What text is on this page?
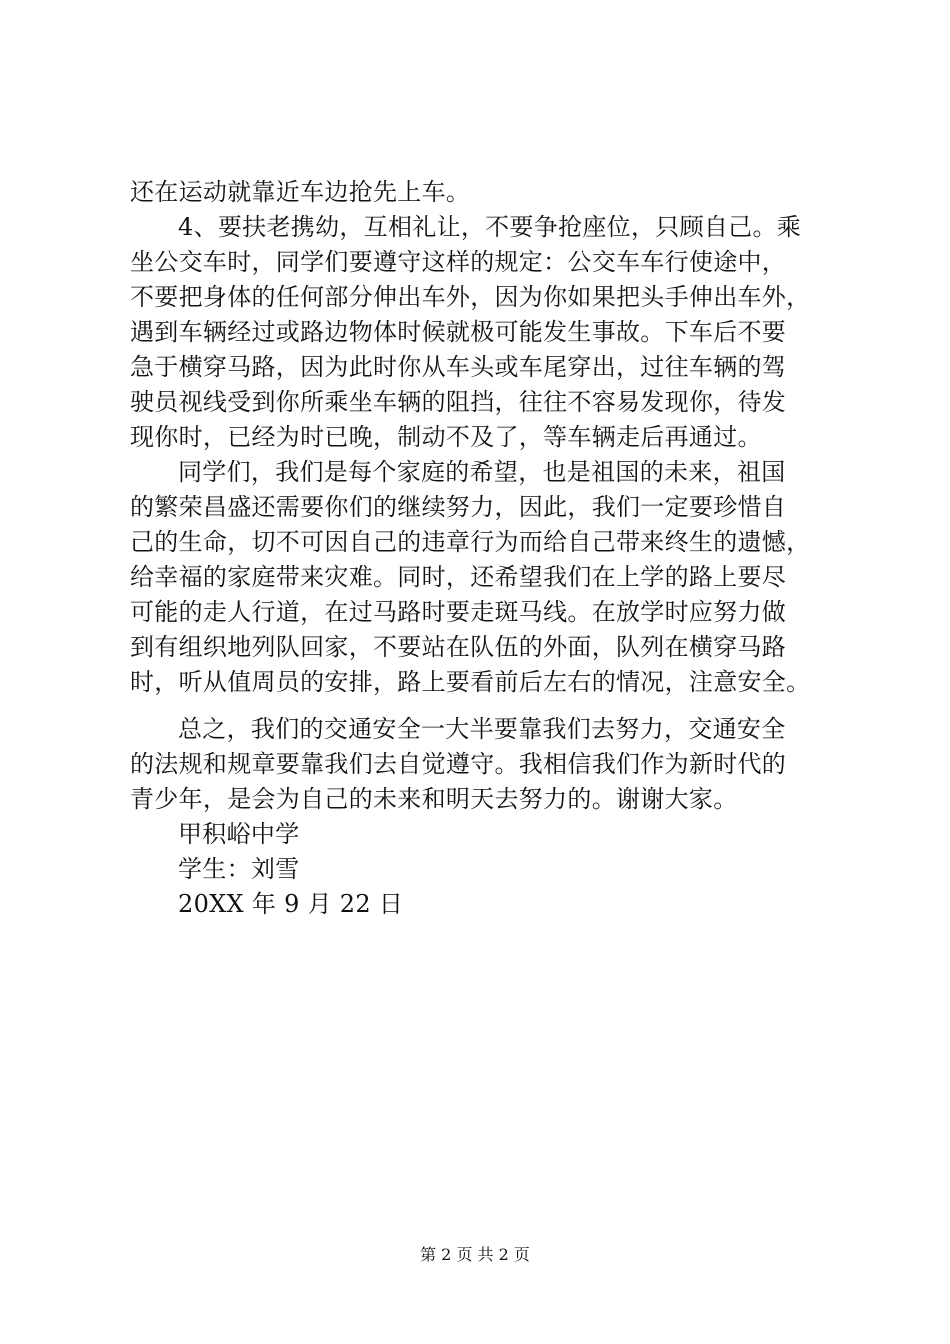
还在运动就靠近车边抢先上车。
4、要扶老携幼，互相礼让，不要争抢座位，只顾自己。乘
坐公交车时，同学们要遵守这样的规定：公交车车行使途中，
不要把身体的任何部分伸出车外，因为你如果把头手伸出车外，
遇到车辆经过或路边物体时候就极可能发生事故。下车后不要
急于横穿马路，因为此时你从车头或车尾穿出，过往车辆的驾
驶员视线受到你所乘坐车辆的阻挡，往往不容易发现你，待发
现你时，已经为时已晚，制动不及了，等车辆走后再通过。
同学们，我们是每个家庭的希望，也是祖国的未来，祖国
的繁荣昌盛还需要你们的继续努力，因此，我们一定要珍惜自
己的生命，切不可因自己的违章行为而给自己带来终生的遗憾，
给幸福的家庭带来灾难。同时，还希望我们在上学的路上要尽
可能的走人行道，在过马路时要走斑马线。在放学时应努力做
到有组织地列队回家，不要站在队伍的外面，队列在横穿马路
时，听从值周员的安排，路上要看前后左右的情况，注意安全。
总之，我们的交通安全一大半要靠我们去努力，交通安全
的法规和规章要靠我们去自觉遵守。我相信我们作为新时代的
青少年，是会为自己的未来和明天去努力的。谢谢大家。
甲积峪中学
学生：刘雪
20XX 年 9 月 22 日
第 2 页 共 2 页
